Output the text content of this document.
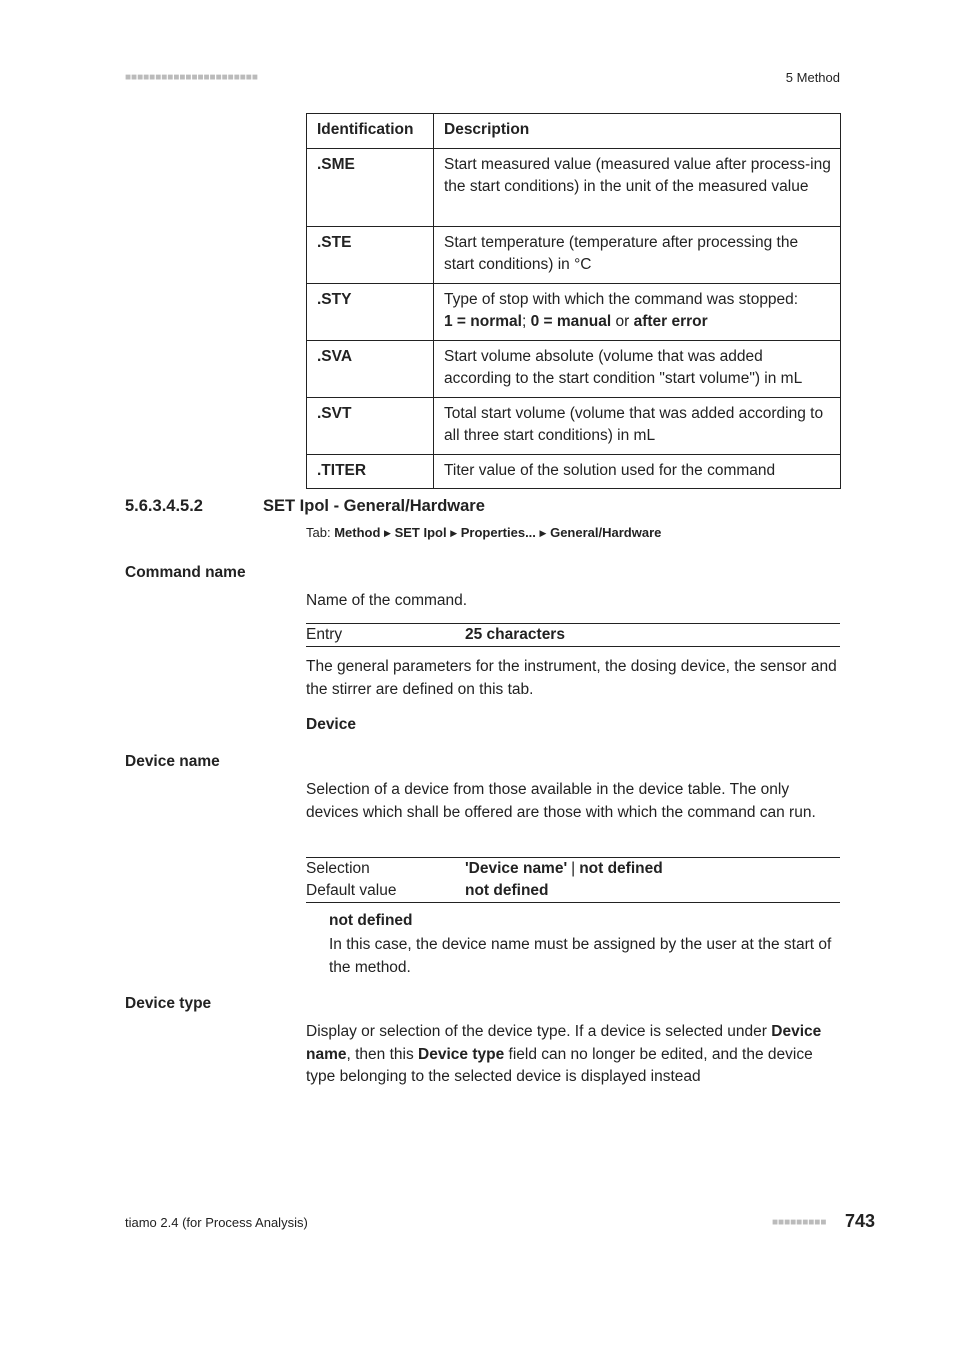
■■■■■■■■■■■■■■■■■■■■■■	5 Method
Identification	Description
.SME	Start measured value (measured value after process-ing the start conditions) in the unit of the measured value
.STE	Start temperature (temperature after processing the start conditions) in °C
.STY	Type of stop with which the command was stopped:
1 = normal; 0 = manual or after error
.SVA	Start volume absolute (volume that was added according to the start condition "start volume") in mL
.SVT	Total start volume (volume that was added according to all three start conditions) in mL
.TITER	Titer value of the solution used for the command
5.6.3.4.5.2	SET Ipol - General/Hardware
Tab: Method ▶ SET Ipol ▶ Properties... ▶ General/Hardware
Command name
Name of the command.
Entry	25 characters
The general parameters for the instrument, the dosing device, the sensor and the stirrer are defined on this tab.
Device
Device name
Selection of a device from those available in the device table. The only devices which shall be offered are those with which the command can run.
Selection	'Device name' | not defined
Default value	not defined
not defined
In this case, the device name must be assigned by the user at the start of the method.
Device type
Display or selection of the device type. If a device is selected under Device name, then this Device type field can no longer be edited, and the device type belonging to the selected device is displayed instead
tiamo 2.4 (for Process Analysis)	■■■■■■■■■ 743
